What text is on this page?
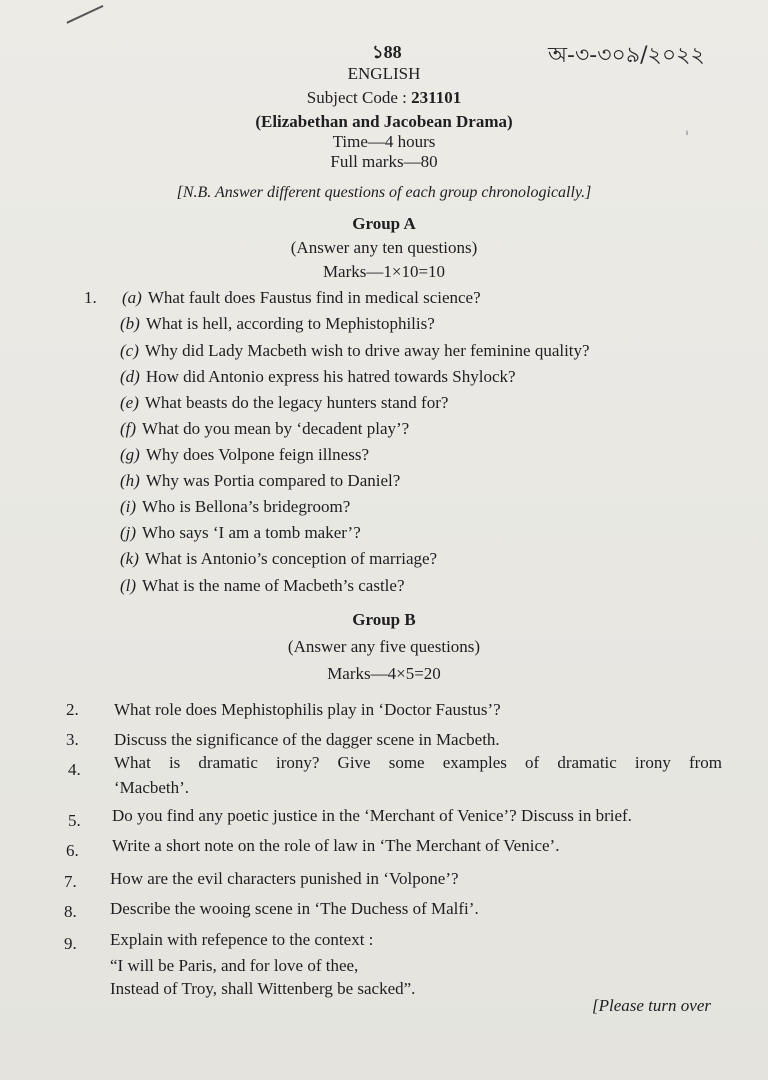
১88	অ-৩-৩০৯/২০২২
ⁱ
ENGLISH
Subject Code : 231101
(Elizabethan and Jacobean Drama)
Time—4 hours
Full marks—80
[N.B. Answer different questions of each group chronologically.]
Group A
(Answer any ten questions)
Marks—1×10=10
1. (a) What fault does Faustus find in medical science?
(b) What is hell, according to Mephistophilis?
(c) Why did Lady Macbeth wish to drive away her feminine quality?
(d) How did Antonio express his hatred towards Shylock?
(e) What beasts do the legacy hunters stand for?
(f) What do you mean by ‘decadent play’?
(g) Why does Volpone feign illness?
(h) Why was Portia compared to Daniel?
(i) Who is Bellona’s bridegroom?
(j) Who says ‘I am a tomb maker’?
(k) What is Antonio’s conception of marriage?
(l) What is the name of Macbeth’s castle?
Group B
(Answer any five questions)
Marks—4×5=20
2. What role does Mephistophilis play in ‘Doctor Faustus’?
3. Discuss the significance of the dagger scene in Macbeth.
4. What is dramatic irony? Give some examples of dramatic irony from
‘Macbeth’.
5. Do you find any poetic justice in the ‘Merchant of Venice’? Discuss in brief.
6. Write a short note on the role of law in ‘The Merchant of Venice’.
7. How are the evil characters punished in ‘Volpone’?
8. Describe the wooing scene in ‘The Duchess of Malfi’.
9. Explain with refepence to the context :
“I will be Paris, and for love of thee,
Instead of Troy, shall Wittenberg be sacked”.
[Please turn over
